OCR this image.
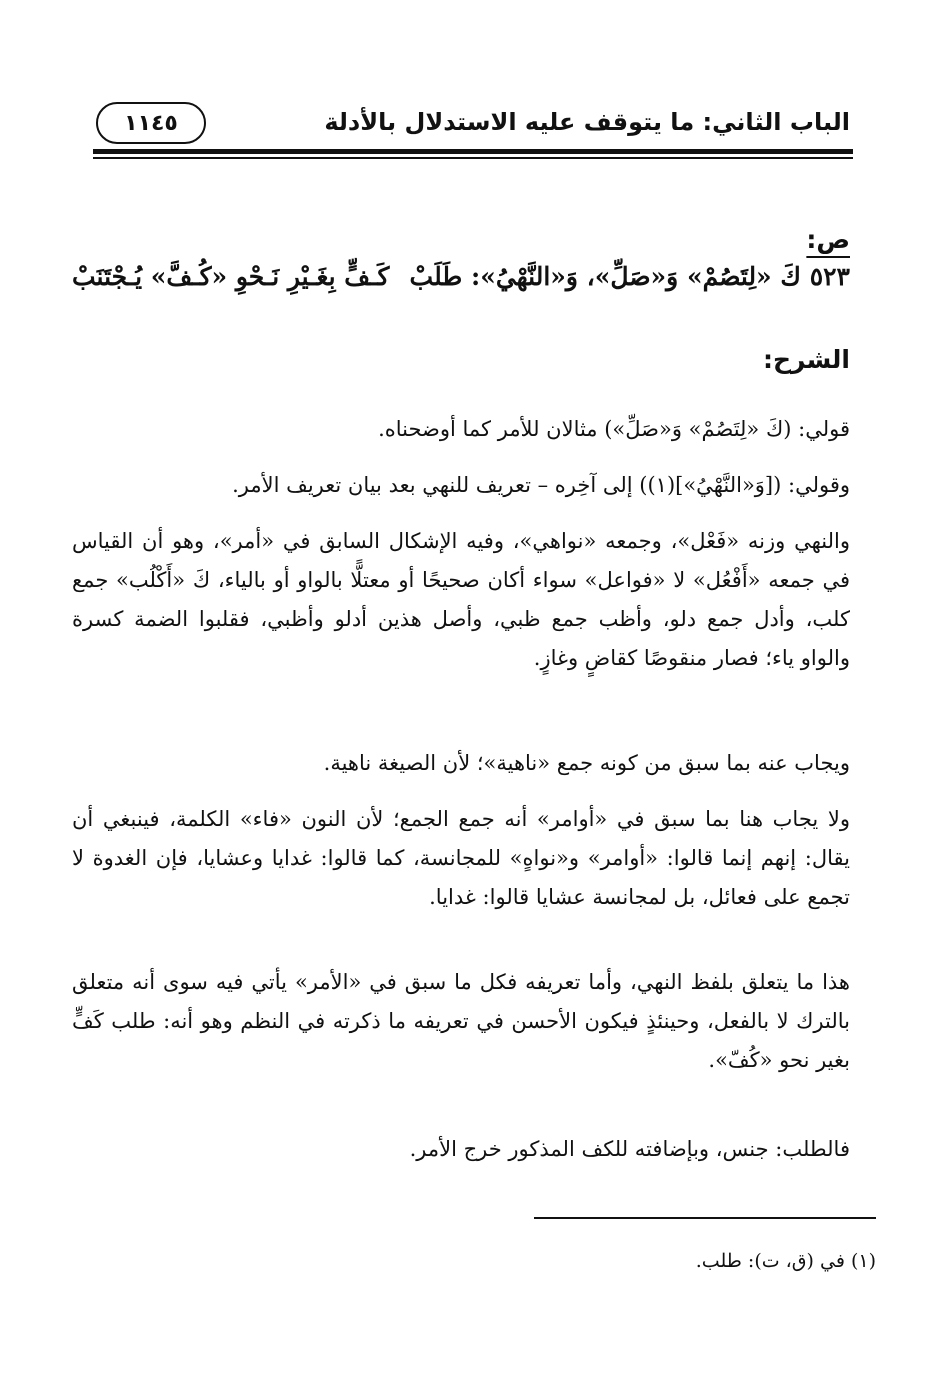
الباب الثاني: ما يتوقف عليه الاستدلال بالأدلة
١١٤٥
ص:
٥٢٣ كَ «لِتَصُمْ» وَ«صَلِّ»، وَ«النَّهْيُ»: طَلَبْ
كَـفٍّ بِغَـيْرِ نَـحْوِ «كُـفَّ» يُـجْتَنَبْ
الشرح:

قولي: (كَ «لِتَصُمْ» وَ«صَلِّ») مثالان للأمر كما أوضحناه.

وقولي: ([وَ«النَّهْيُ»](١)) إلى آخِره – تعريف للنهي بعد بيان تعريف الأمر.

والنهي وزنه «فَعْل»، وجمعه «نواهي»، وفيه الإشكال السابق في «أمر»، وهو أن القياس في جمعه «أَفْعُل» لا «فواعل» سواء أكان صحيحًا أو معتلًّا بالواو أو بالياء، كَ «أَكْلُب» جمع كلب، وأدل جمع دلو، وأظب جمع ظبي، وأصل هذين أدلو وأظبي، فقلبوا الضمة كسرة والواو ياء؛ فصار منقوصًا كقاضٍ وغازٍ.

ويجاب عنه بما سبق من كونه جمع «ناهية»؛ لأن الصيغة ناهية.

ولا يجاب هنا بما سبق في «أوامر» أنه جمع الجمع؛ لأن النون «فاء» الكلمة، فينبغي أن يقال: إنهم إنما قالوا: «أوامر» و«نواهٍ» للمجانسة، كما قالوا: غدايا وعشايا، فإن الغدوة لا تجمع على فعائل، بل لمجانسة عشايا قالوا: غدايا.

هذا ما يتعلق بلفظ النهي، وأما تعريفه فكل ما سبق في «الأمر» يأتي فيه سوى أنه متعلق بالترك لا بالفعل، وحينئذٍ فيكون الأحسن في تعريفه ما ذكرته في النظم وهو أنه: طلب كَفٍّ بغير نحو «كُفّ».

فالطلب: جنس، وبإضافته للكف المذكور خرج الأمر.

(١) في (ق، ت): طلب.
